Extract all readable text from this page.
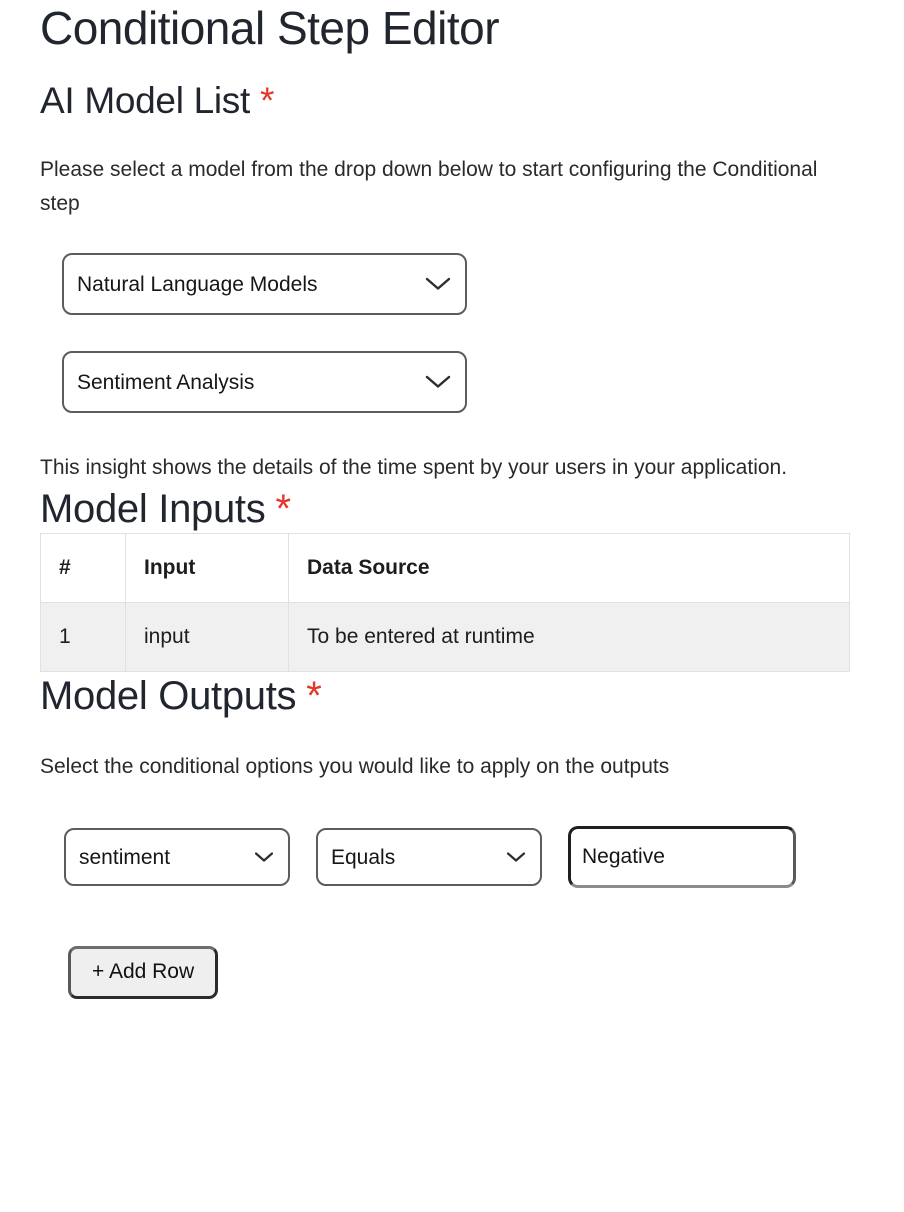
Conditional Step Editor
AI Model List *

Please select a model from the drop down below to start configuring the Conditional step

Natural Language Models
Sentiment Analysis

This insight shows the details of the time spent by your users in your application.

Model Inputs *
#	Input	Data Source
1	input	To be entered at runtime
Model Outputs *

Select the conditional options you would like to apply on the outputs

sentiment
Equals
Negative
+ Add Row
